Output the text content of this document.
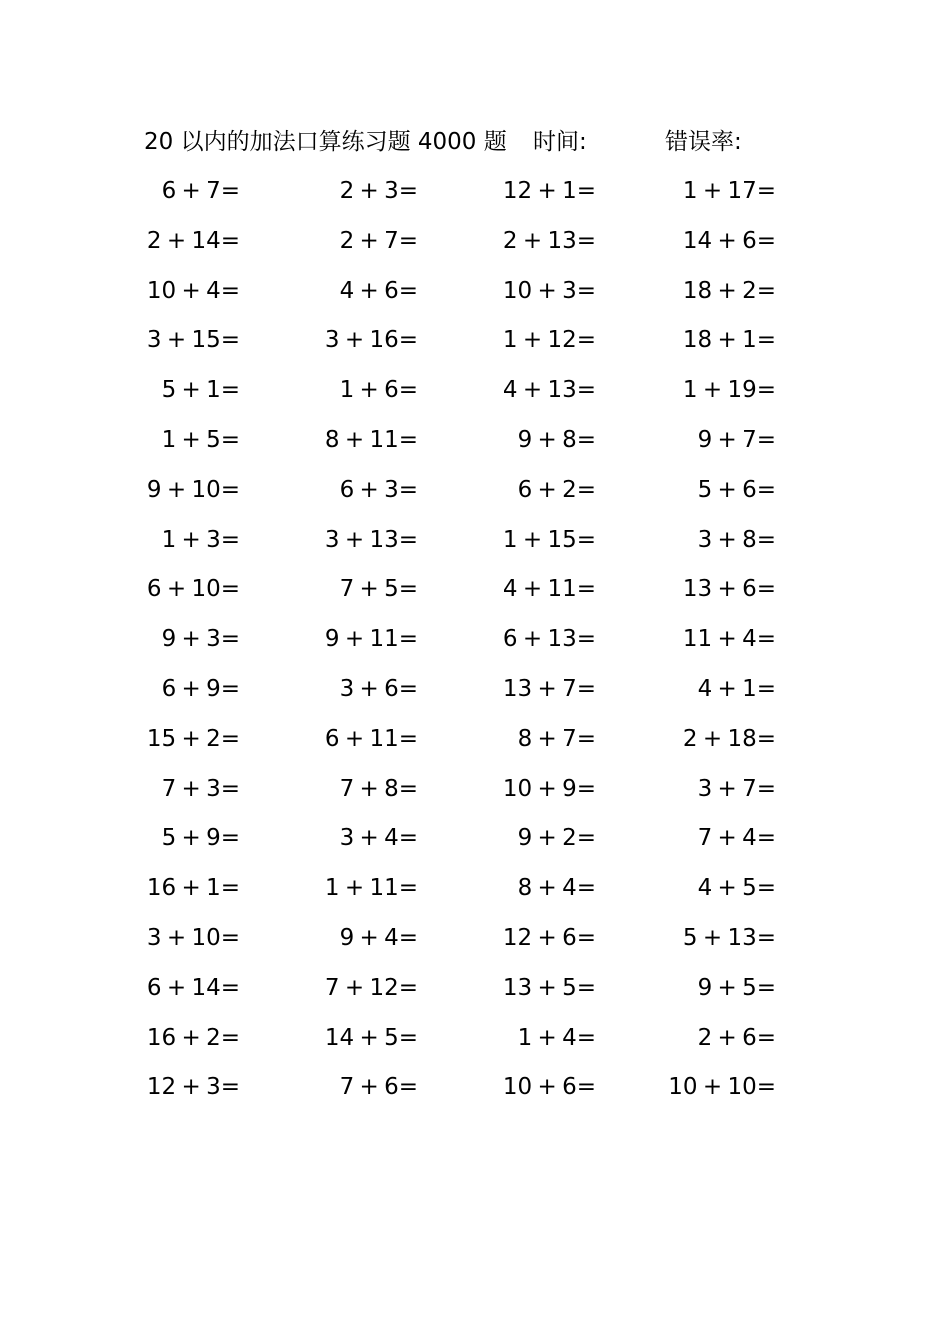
20 以内的加法口算练习题 4000 题 时间:	错误率:
6 + 7=	2 + 3=	12 + 1=	1 + 17=
2 + 14=	2 + 7=	2 + 13=	14 + 6=
10 + 4=	4 + 6=	10 + 3=	18 + 2=
3 + 15=	3 + 16=	1 + 12=	18 + 1=
5 + 1=	1 + 6=	4 + 13=	1 + 19=
1 + 5=	8 + 11=	9 + 8=	9 + 7=
9 + 10=	6 + 3=	6 + 2=	5 + 6=
1 + 3=	3 + 13=	1 + 15=	3 + 8=
6 + 10=	7 + 5=	4 + 11=	13 + 6=
9 + 3=	9 + 11=	6 + 13=	11 + 4=
6 + 9=	3 + 6=	13 + 7=	4 + 1=
15 + 2=	6 + 11=	8 + 7=	2 + 18=
7 + 3=	7 + 8=	10 + 9=	3 + 7=
5 + 9=	3 + 4=	9 + 2=	7 + 4=
16 + 1=	1 + 11=	8 + 4=	4 + 5=
3 + 10=	9 + 4=	12 + 6=	5 + 13=
6 + 14=	7 + 12=	13 + 5=	9 + 5=
16 + 2=	14 + 5=	1 + 4=	2 + 6=
12 + 3=	7 + 6=	10 + 6=	10 + 10=
